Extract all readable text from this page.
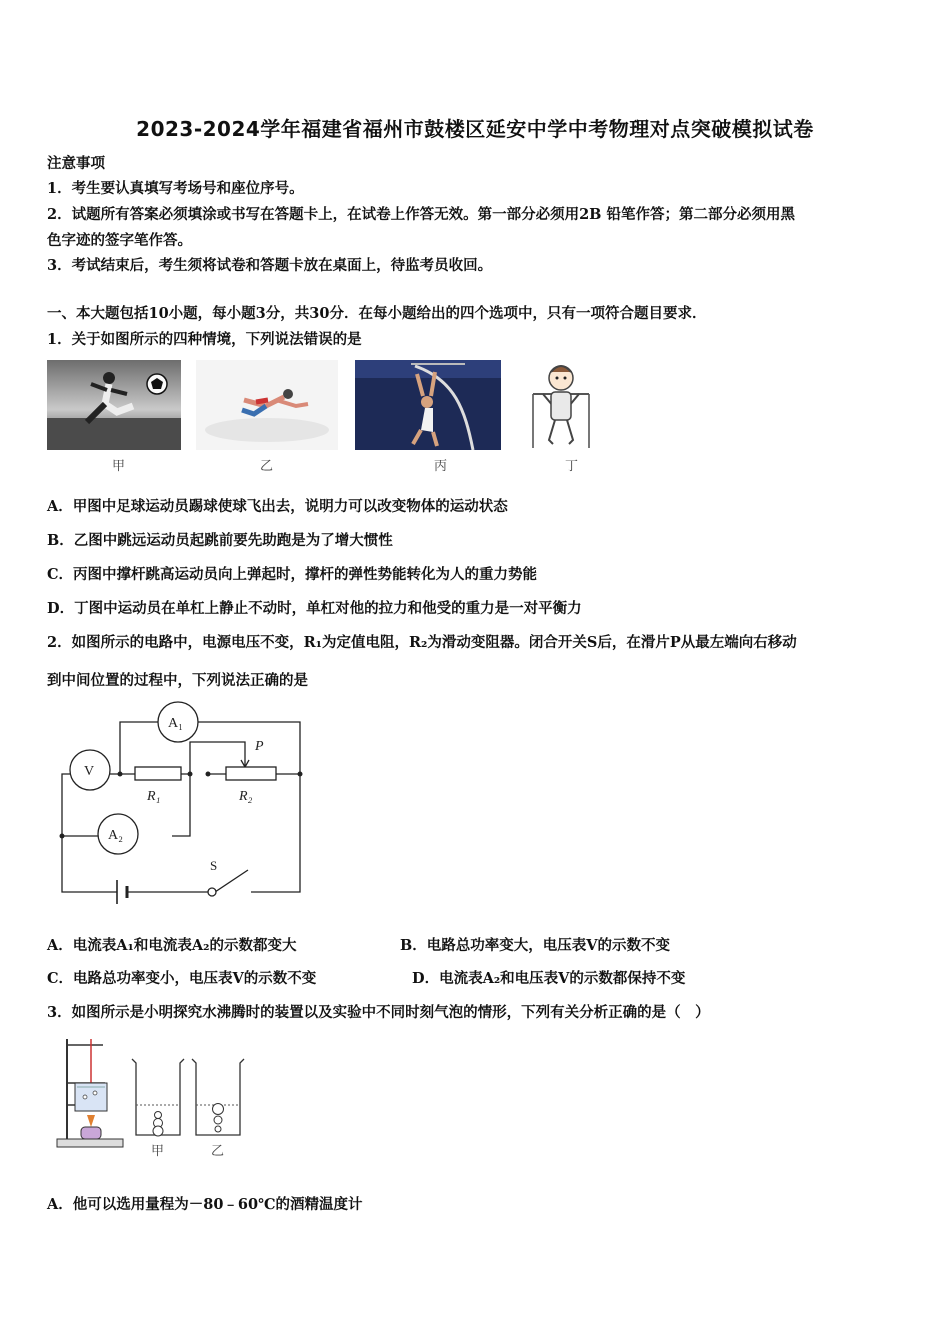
2023-2024学年福建省福州市鼓楼区延安中学中考物理对点突破模拟试卷
注意事项
1．考生要认真填写考场号和座位序号。
2．试题所有答案必须填涂或书写在答题卡上，在试卷上作答无效。第一部分必须用2B 铅笔作答；第二部分必须用黑
色字迹的签字笔作答。
3．考试结束后，考生须将试卷和答题卡放在桌面上，待监考员收回。
一、本大题包括10小题，每小题3分，共30分．在每小题给出的四个选项中，只有一项符合题目要求．
1．关于如图所示的四种情境，下列说法错误的是
甲	乙	丙	丁
A．甲图中足球运动员踢球使球飞出去，说明力可以改变物体的运动状态
B．乙图中跳远运动员起跳前要先助跑是为了增大惯性
C．丙图中撑杆跳高运动员向上弹起时，撑杆的弹性势能转化为人的重力势能
D．丁图中运动员在单杠上静止不动时，单杠对他的拉力和他受的重力是一对平衡力
2．如图所示的电路中，电源电压不变，R₁为定值电阻，R₂为滑动变阻器。闭合开关S后，在滑片P从最左端向右移动
到中间位置的过程中，下列说法正确的是
A₁
V
A₂
R₁	R₂
P
S
A．电流表A₁和电流表A₂的示数都变大	B．电路总功率变大，电压表V的示数不变
C．电路总功率变小，电压表V的示数不变	D．电流表A₂和电压表V的示数都保持不变
3．如图所示是小明探究水沸腾时的装置以及实验中不同时刻气泡的情形，下列有关分析正确的是（　）
甲	乙
A．他可以选用量程为－80﹣60℃的酒精温度计
